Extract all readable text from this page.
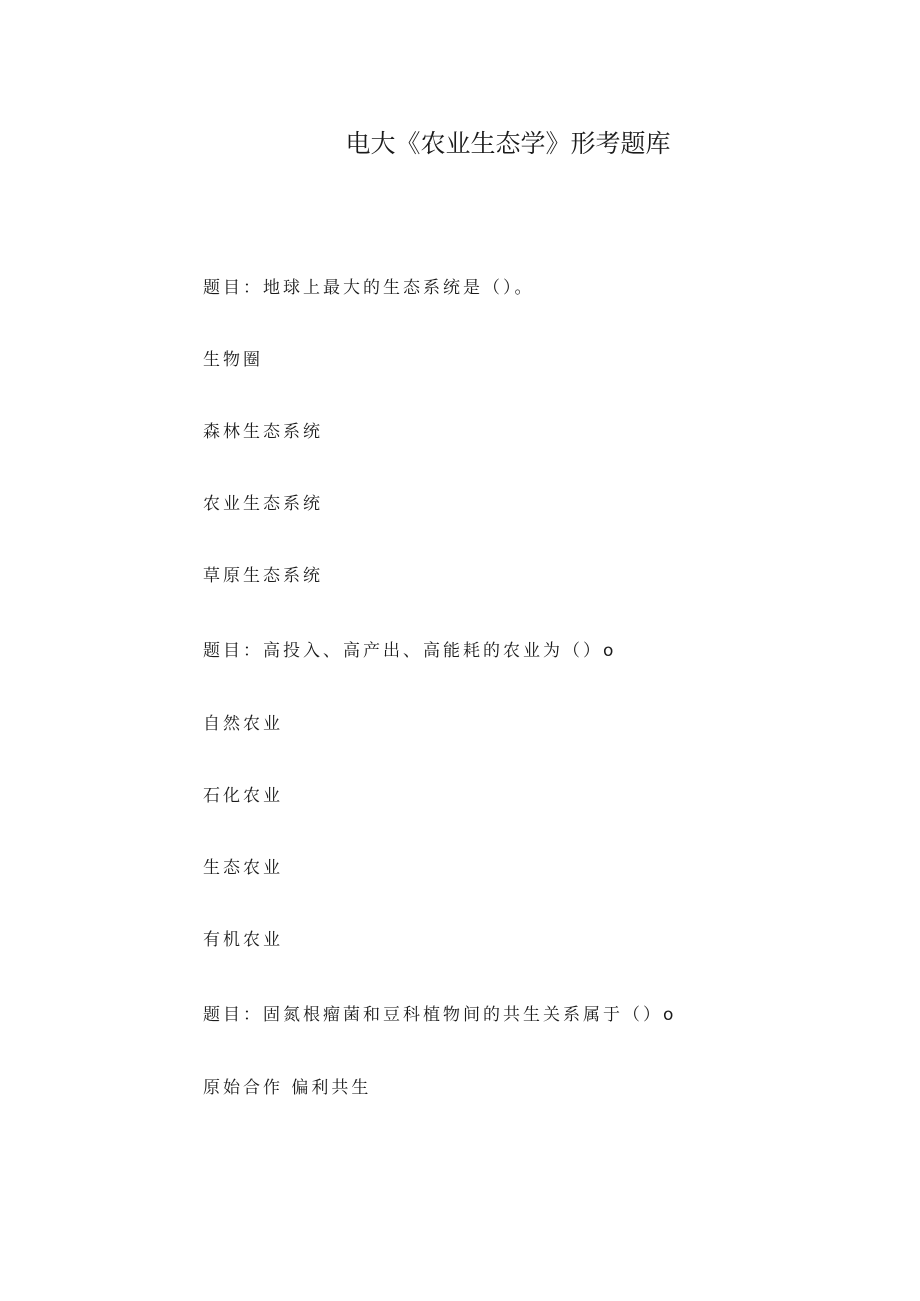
电大《农业生态学》形考题库

题目：地球上最大的生态系统是（）。

生物圈

森林生态系统

农业生态系统

草原生态系统

题目：高投入、高产出、高能耗的农业为（）o

自然农业

石化农业

生态农业

有机农业

题目：固氮根瘤菌和豆科植物间的共生关系属于（）o

原始合作 偏利共生
